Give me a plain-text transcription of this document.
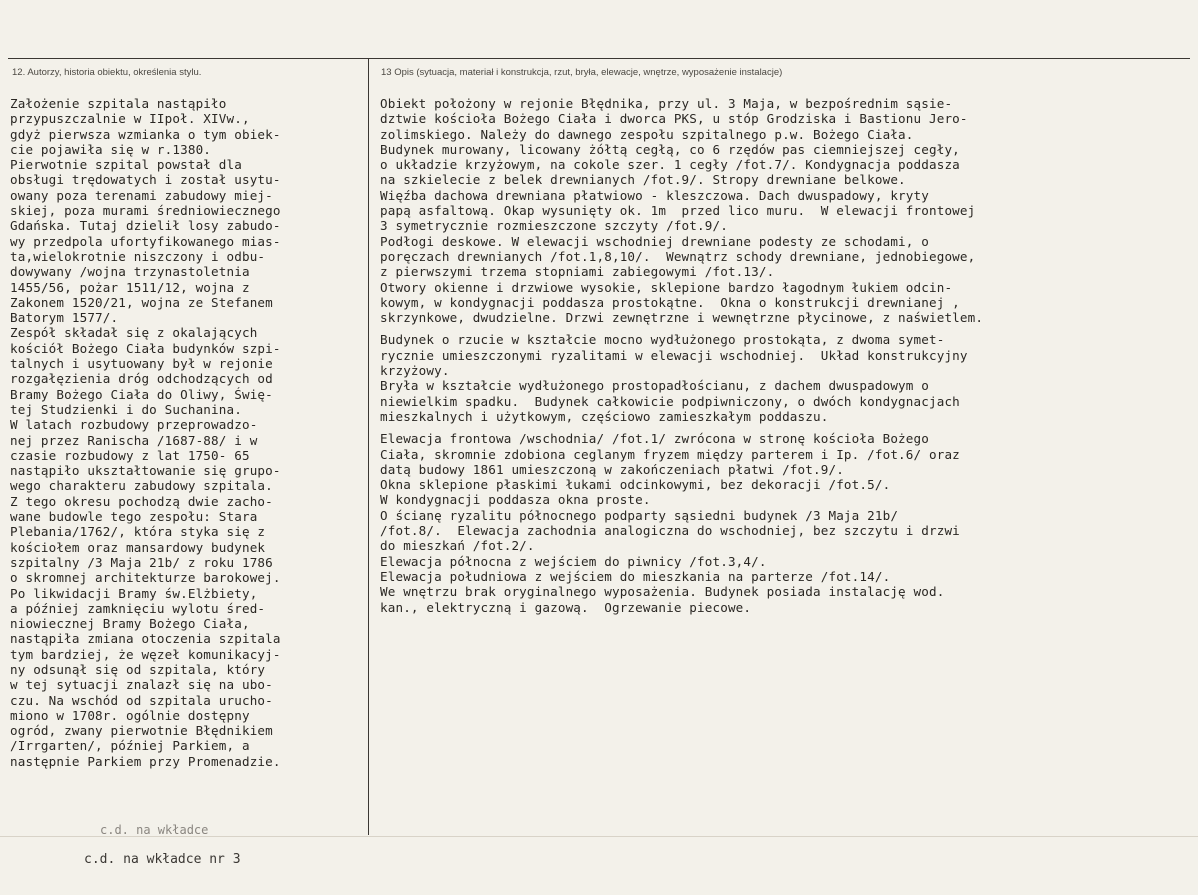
12. Autorzy, historia obiektu, określenia stylu.	13 Opis (sytuacja, materiał i konstrukcja, rzut, bryła, elewacje, wnętrze, wyposażenie instalacje)
Założenie szpitala nastąpiło
przypuszczalnie w IIpoł. XIVw.,
gdyż pierwsza wzmianka o tym obiek-
cie pojawiła się w r.1380.
Pierwotnie szpital powstał dla
obsługi trędowatych i został usytu-
owany poza terenami zabudowy miej-
skiej, poza murami średniowiecznego
Gdańska. Tutaj dzielił losy zabudo-
wy przedpola ufortyfikowanego mias-
ta,wielokrotnie niszczony i odbu-
dowywany /wojna trzynastoletnia
1455/56, pożar 1511/12, wojna z
Zakonem 1520/21, wojna ze Stefanem
Batorym 1577/.
Zespół składał się z okalających
kościół Bożego Ciała budynków szpi-
talnych i usytuowany był w rejonie
rozgałęzienia dróg odchodzących od
Bramy Bożego Ciała do Oliwy, Świę-
tej Studzienki i do Suchanina.
W latach rozbudowy przeprowadzo-
nej przez Ranischa /1687-88/ i w
czasie rozbudowy z lat 1750- 65
nastąpiło ukształtowanie się grupo-
wego charakteru zabudowy szpitala.
Z tego okresu pochodzą dwie zacho-
wane budowle tego zespołu: Stara
Plebania/1762/, która styka się z
kościołem oraz mansardowy budynek
szpitalny /3 Maja 21b/ z roku 1786
o skromnej architekturze barokowej.
Po likwidacji Bramy św.Elżbiety,
a później zamknięciu wylotu śred-
niowiecznej Bramy Bożego Ciała,
nastąpiła zmiana otoczenia szpitala
tym bardziej, że węzeł komunikacyj-
ny odsunął się od szpitala, który
w tej sytuacji znalazł się na ubo-
czu. Na wschód od szpitala urucho-
miono w 1708r. ogólnie dostępny
ogród, zwany pierwotnie Błędnikiem
/Irrgarten/, później Parkiem, a
następnie Parkiem przy Promenadzie.
Obiekt położony w rejonie Błędnika, przy ul. 3 Maja, w bezpośrednim sąsie-
dztwie kościoła Bożego Ciała i dworca PKS, u stóp Grodziska i Bastionu Jero-
zolimskiego. Należy do dawnego zespołu szpitalnego p.w. Bożego Ciała.
Budynek murowany, licowany żółtą cegłą, co 6 rzędów pas ciemniejszej cegły,
o układzie krzyżowym, na cokole szer. 1 cegły /fot.7/. Kondygnacja poddasza
na szkielecie z belek drewnianych /fot.9/. Stropy drewniane belkowe.
Więźba dachowa drewniana płatwiowo - kleszczowa. Dach dwuspadowy, kryty
papą asfaltową. Okap wysunięty ok. 1m  przed lico muru.  W elewacji frontowej
3 symetrycznie rozmieszczone szczyty /fot.9/.
Podłogi deskowe. W elewacji wschodniej drewniane podesty ze schodami, o
poręczach drewnianych /fot.1,8,10/.  Wewnątrz schody drewniane, jednobiegowe,
z pierwszymi trzema stopniami zabiegowymi /fot.13/.
Otwory okienne i drzwiowe wysokie, sklepione bardzo łagodnym łukiem odcin-
kowym, w kondygnacji poddasza prostokątne.  Okna o konstrukcji drewnianej ,
skrzynkowe, dwudzielne. Drzwi zewnętrzne i wewnętrzne płycinowe, z naświetlem.
Budynek o rzucie w kształcie mocno wydłużonego prostokąta, z dwoma symet-
rycznie umieszczonymi ryzalitami w elewacji wschodniej.  Układ konstrukcyjny
krzyżowy.
Bryła w kształcie wydłużonego prostopadłościanu, z dachem dwuspadowym o
niewielkim spadku.  Budynek całkowicie podpiwniczony, o dwóch kondygnacjach
mieszkalnych i użytkowym, częściowo zamieszkałym poddaszu.
Elewacja frontowa /wschodnia/ /fot.1/ zwrócona w stronę kościoła Bożego
Ciała, skromnie zdobiona ceglanym fryzem między parterem i Ip. /fot.6/ oraz
datą budowy 1861 umieszczoną w zakończeniach płatwi /fot.9/.
Okna sklepione płaskimi łukami odcinkowymi, bez dekoracji /fot.5/.
W kondygnacji poddasza okna proste.
O ścianę ryzalitu północnego podparty sąsiedni budynek /3 Maja 21b/
/fot.8/.  Elewacja zachodnia analogiczna do wschodniej, bez szczytu i drzwi
do mieszkań /fot.2/.
Elewacja północna z wejściem do piwnicy /fot.3,4/.
Elewacja południowa z wejściem do mieszkania na parterze /fot.14/.
We wnętrzu brak oryginalnego wyposażenia. Budynek posiada instalację wod.
kan., elektryczną i gazową.  Ogrzewanie piecowe.
c.d. na wkładce
c.d. na wkładce nr 3
